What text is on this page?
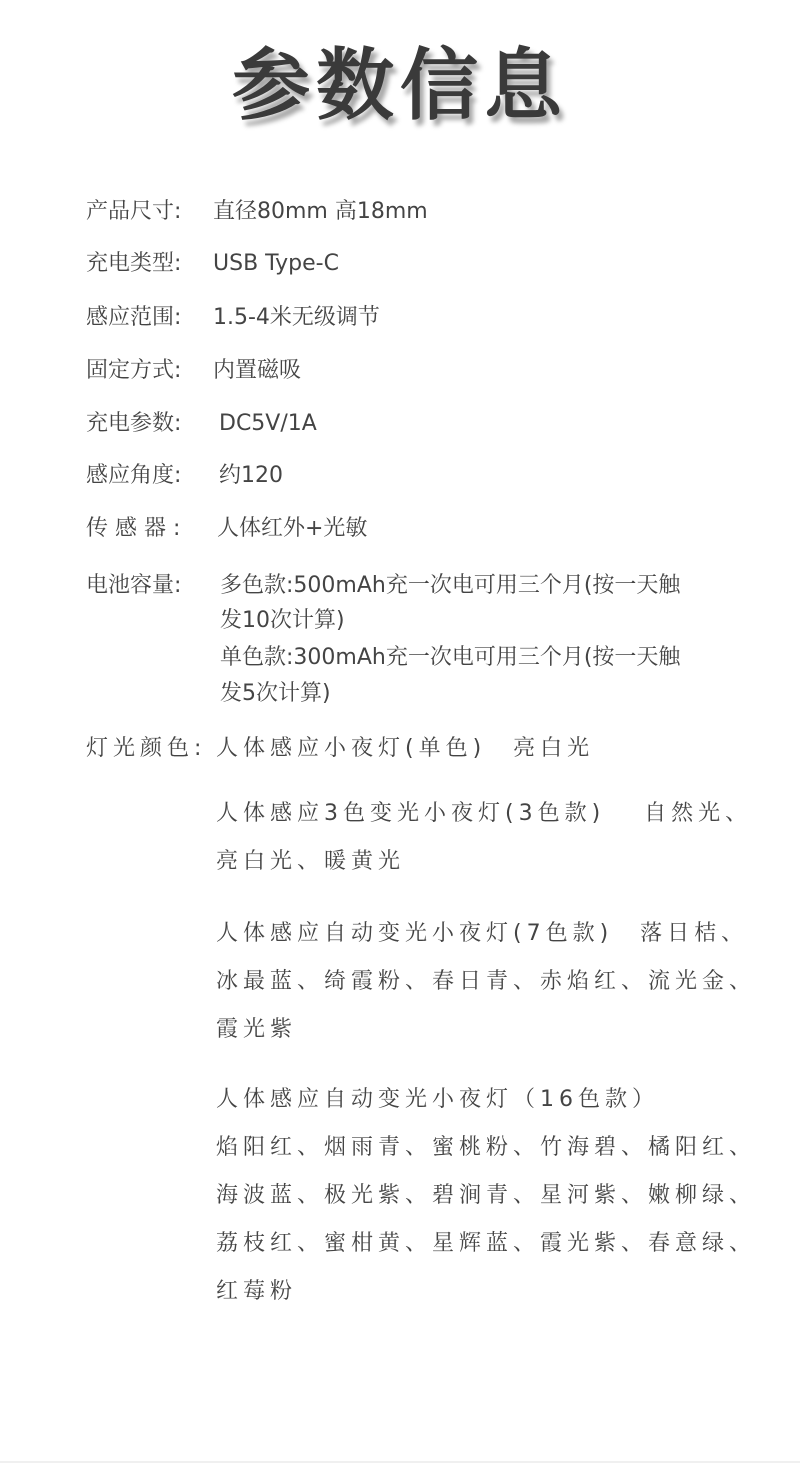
参数信息
产品尺寸: 直径80mm 高18mm
充电类型: USB Type-C
感应范围: 1.5-4米无级调节
固定方式: 内置磁吸
充电参数: DC5V/1A
感应角度: 约120
传 感 器 : 人体红外+光敏
电池容量: 多色款:500mAh充一次电可用三个月(按一天触
发10次计算)
单色款:300mAh充一次电可用三个月(按一天触
发5次计算)
灯光颜色: 人体感应小夜灯(单色)　亮白光
人体感应3色变光小夜灯(3色款)　 自然光、
亮白光、暖黄光
人体感应自动变光小夜灯(7色款)　落日桔、
冰最蓝、绮霞粉、春日青、赤焰红、流光金、
霞光紫
人体感应自动变光小夜灯（16色款）
焰阳红、烟雨青、蜜桃粉、竹海碧、橘阳红、
海波蓝、极光紫、碧涧青、星河紫、嫩柳绿、
荔枝红、蜜柑黄、星辉蓝、霞光紫、春意绿、
红莓粉
